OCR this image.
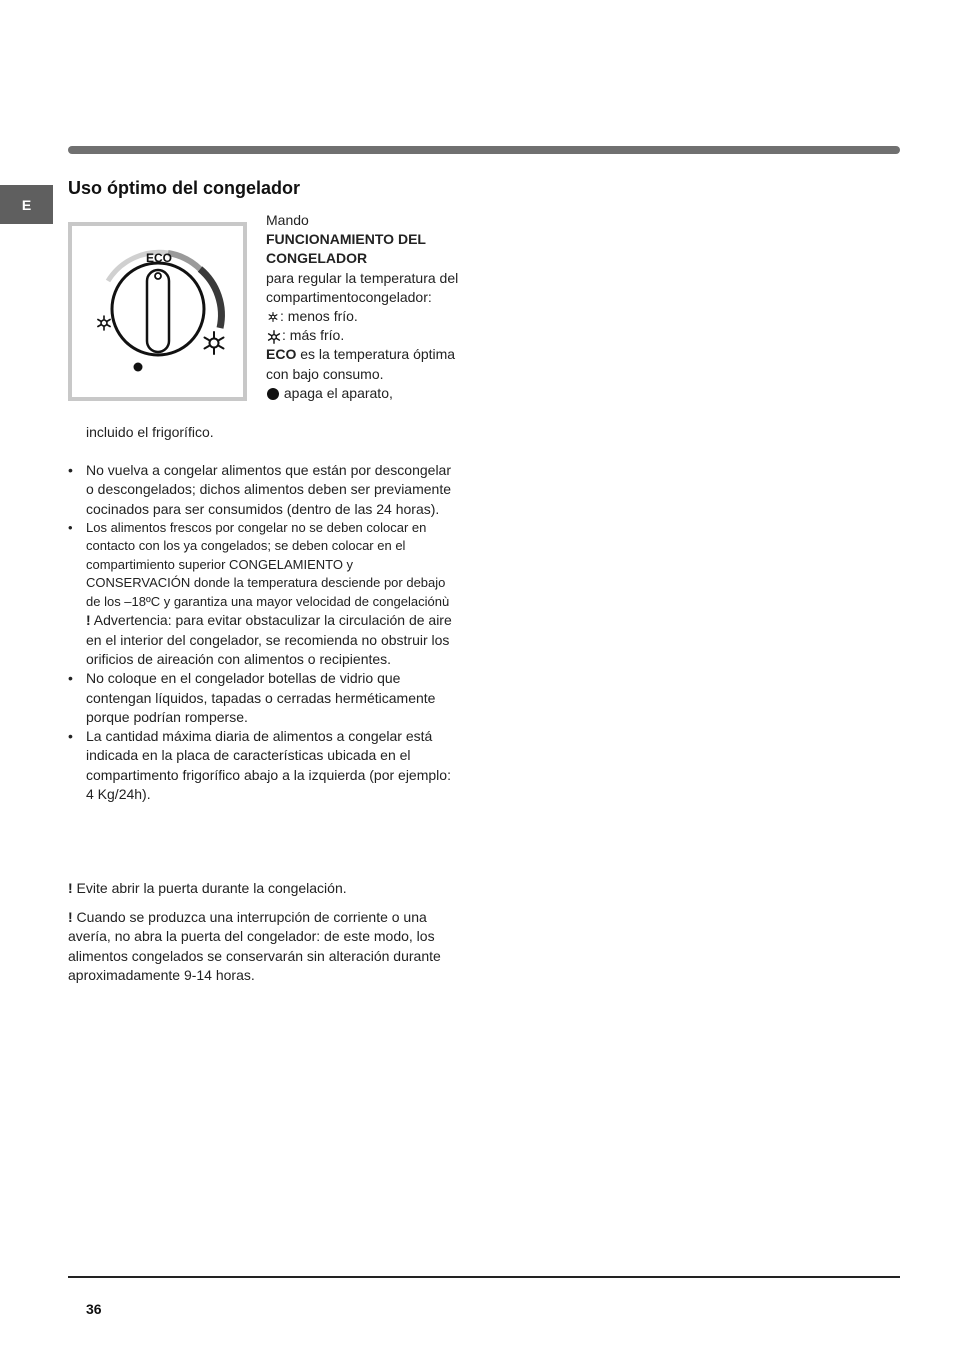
E
Uso óptimo del congelador
ECO

Mando

FUNCIONAMIENTO DEL CONGELADOR

para regular la temperatura del compartimentocongelador:

: menos frío.

: más frío.

ECO es la temperatura óptima con bajo consumo.

apaga el aparato,

incluido el frigorífico.

• No vuelva a congelar alimentos que están por descongelar o descongelados; dichos alimentos deben ser previamente cocinados para ser consumidos (dentro de las 24 horas).
• Los alimentos frescos por congelar no se deben colocar en contacto con los ya congelados; se deben colocar en el compartimiento superior CONGELAMIENTO y CONSERVACIÓN donde la temperatura desciende por debajo de los –18ºC y garantiza una mayor velocidad de congelaciónù
! Advertencia: para evitar obstaculizar la circulación de aire en el interior del congelador, se recomienda no obstruir los orificios de aireación con alimentos o recipientes.
• No coloque en el congelador botellas de vidrio que contengan líquidos, tapadas o cerradas herméticamente porque podrían romperse.
• La cantidad máxima diaria de alimentos a congelar está indicada en la placa de características ubicada en el compartimento frigorífico abajo a la izquierda (por ejemplo: 4 Kg/24h).

! Evite abrir la puerta durante la congelación.

! Cuando se produzca una interrupción de corriente o una avería, no abra la puerta del congelador: de este modo, los alimentos congelados se conservarán sin alteración durante aproximadamente 9-14 horas.

36
